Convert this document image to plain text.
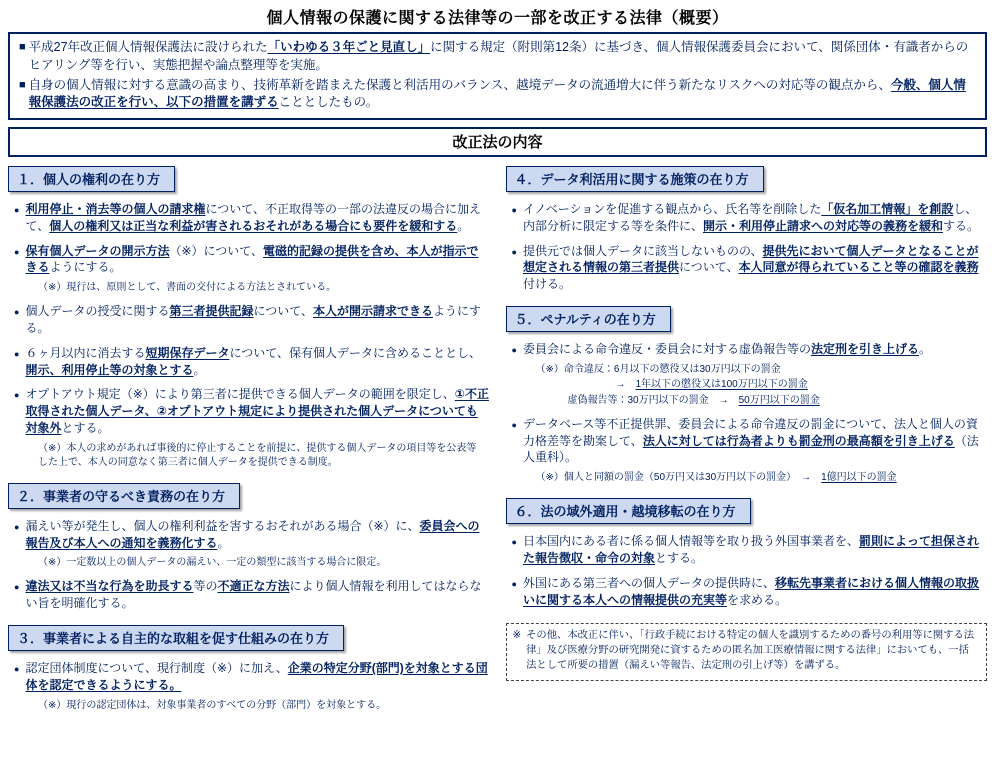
個人情報の保護に関する法律等の一部を改正する法律（概要）
■ 平成27年改正個人情報保護法に設けられた「いわゆる３年ごと見直し」に関する規定（附則第12条）に基づき、個人情報保護委員会において、関係団体・有識者からのヒアリング等を行い、実態把握や論点整理等を実施。
■ 自身の個人情報に対する意識の高まり、技術革新を踏まえた保護と利活用のバランス、越境データの流通増大に伴う新たなリスクへの対応等の観点から、今般、個人情報保護法の改正を行い、以下の措置を講ずることとしたもの。
改正法の内容
１．個人の権利の在り方
● 利用停止・消去等の個人の請求権について、不正取得等の一部の法違反の場合に加えて、個人の権利又は正当な利益が害されるおそれがある場合にも要件を緩和する。
● 保有個人データの開示方法（※）について、電磁的記録の提供を含め、本人が指示できるようにする。
（※）現行は、原則として、書面の交付による方法とされている。
● 個人データの授受に関する第三者提供記録について、本人が開示請求できるようにする。
● ６ヶ月以内に消去する短期保存データについて、保有個人データに含めることとし、開示、利用停止等の対象とする。
● オプトアウト規定（※）により第三者に提供できる個人データの範囲を限定し、①不正取得された個人データ、②オプトアウト規定により提供された個人データについても対象外とする。
（※）本人の求めがあれば事後的に停止することを前提に、提供する個人データの項目等を公表等した上で、本人の同意なく第三者に個人データを提供できる制度。
２．事業者の守るべき責務の在り方
● 漏えい等が発生し、個人の権利利益を害するおそれがある場合（※）に、委員会への報告及び本人への通知を義務化する。
（※）一定数以上の個人データの漏えい、一定の類型に該当する場合に限定。
● 違法又は不当な行為を助長する等の不適正な方法により個人情報を利用してはならない旨を明確化する。
３．事業者による自主的な取組を促す仕組みの在り方
● 認定団体制度について、現行制度（※）に加え、企業の特定分野(部門)を対象とする団体を認定できるようにする。
（※）現行の認定団体は、対象事業者のすべての分野（部門）を対象とする。
４．データ利活用に関する施策の在り方
● イノベーションを促進する観点から、氏名等を削除した「仮名加工情報」を創設し、内部分析に限定する等を条件に、開示・利用停止請求への対応等の義務を緩和する。
● 提供元では個人データに該当しないものの、提供先において個人データとなることが想定される情報の第三者提供について、本人同意が得られていること等の確認を義務付ける。
５．ペナルティの在り方
● 委員会による命令違反・委員会に対する虚偽報告等の法定刑を引き上げる。
（※）命令違反：6月以下の懲役又は30万円以下の罰金
→　1年以下の懲役又は100万円以下の罰金
虚偽報告等：30万円以下の罰金　→　50万円以下の罰金
● データベース等不正提供罪、委員会による命令違反の罰金について、法人と個人の資力格差等を勘案して、法人に対しては行為者よりも罰金刑の最高額を引き上げる（法人重科）。
（※）個人と同額の罰金（50万円又は30万円以下の罰金）　→　1億円以下の罰金
６．法の域外適用・越境移転の在り方
● 日本国内にある者に係る個人情報等を取り扱う外国事業者を、罰則によって担保された報告徴収・命令の対象とする。
● 外国にある第三者への個人データの提供時に、移転先事業者における個人情報の取扱いに関する本人への情報提供の充実等を求める。
※ その他、本改正に伴い、「行政手続における特定の個人を識別するための番号の利用等に関する法律」及び医療分野の研究開発に資するための匿名加工医療情報に関する法律」においても、一括法として所要の措置（漏えい等報告、法定刑の引上げ等）を講ずる。
